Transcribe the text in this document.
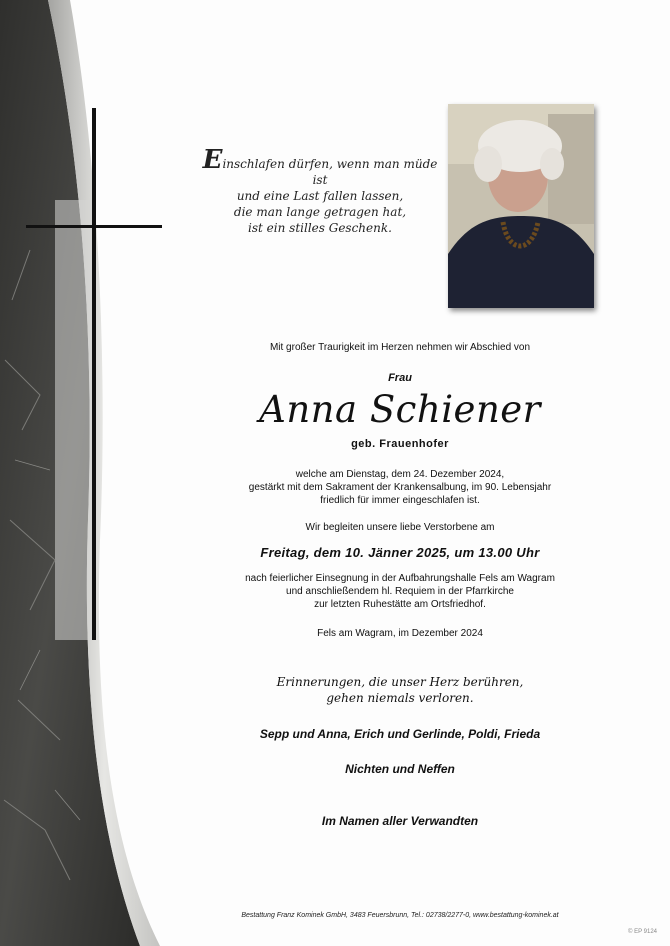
Einschlafen dürfen, wenn man müde ist
und eine Last fallen lassen,
die man lange getragen hat,
ist ein stilles Geschenk.
Mit großer Traurigkeit im Herzen nehmen wir Abschied von
Frau
Anna Schiener
geb. Frauenhofer
welche am Dienstag, dem 24. Dezember 2024,
gestärkt mit dem Sakrament der Krankensalbung, im 90. Lebensjahr
friedlich für immer eingeschlafen ist.
Wir begleiten unsere liebe Verstorbene am
Freitag, dem 10. Jänner 2025, um 13.00 Uhr
nach feierlicher Einsegnung in der Aufbahrungshalle Fels am Wagram
und anschließendem hl. Requiem in der Pfarrkirche
zur letzten Ruhestätte am Ortsfriedhof.
Fels am Wagram, im Dezember 2024
Erinnerungen, die unser Herz berühren,
gehen niemals verloren.
Sepp und Anna, Erich und Gerlinde, Poldi, Frieda
Nichten und Neffen
Im Namen aller Verwandten
Bestattung Franz Kominek GmbH, 3483 Feuersbrunn, Tel.: 02738/2277-0, www.bestattung-kominek.at
© EP 9124
